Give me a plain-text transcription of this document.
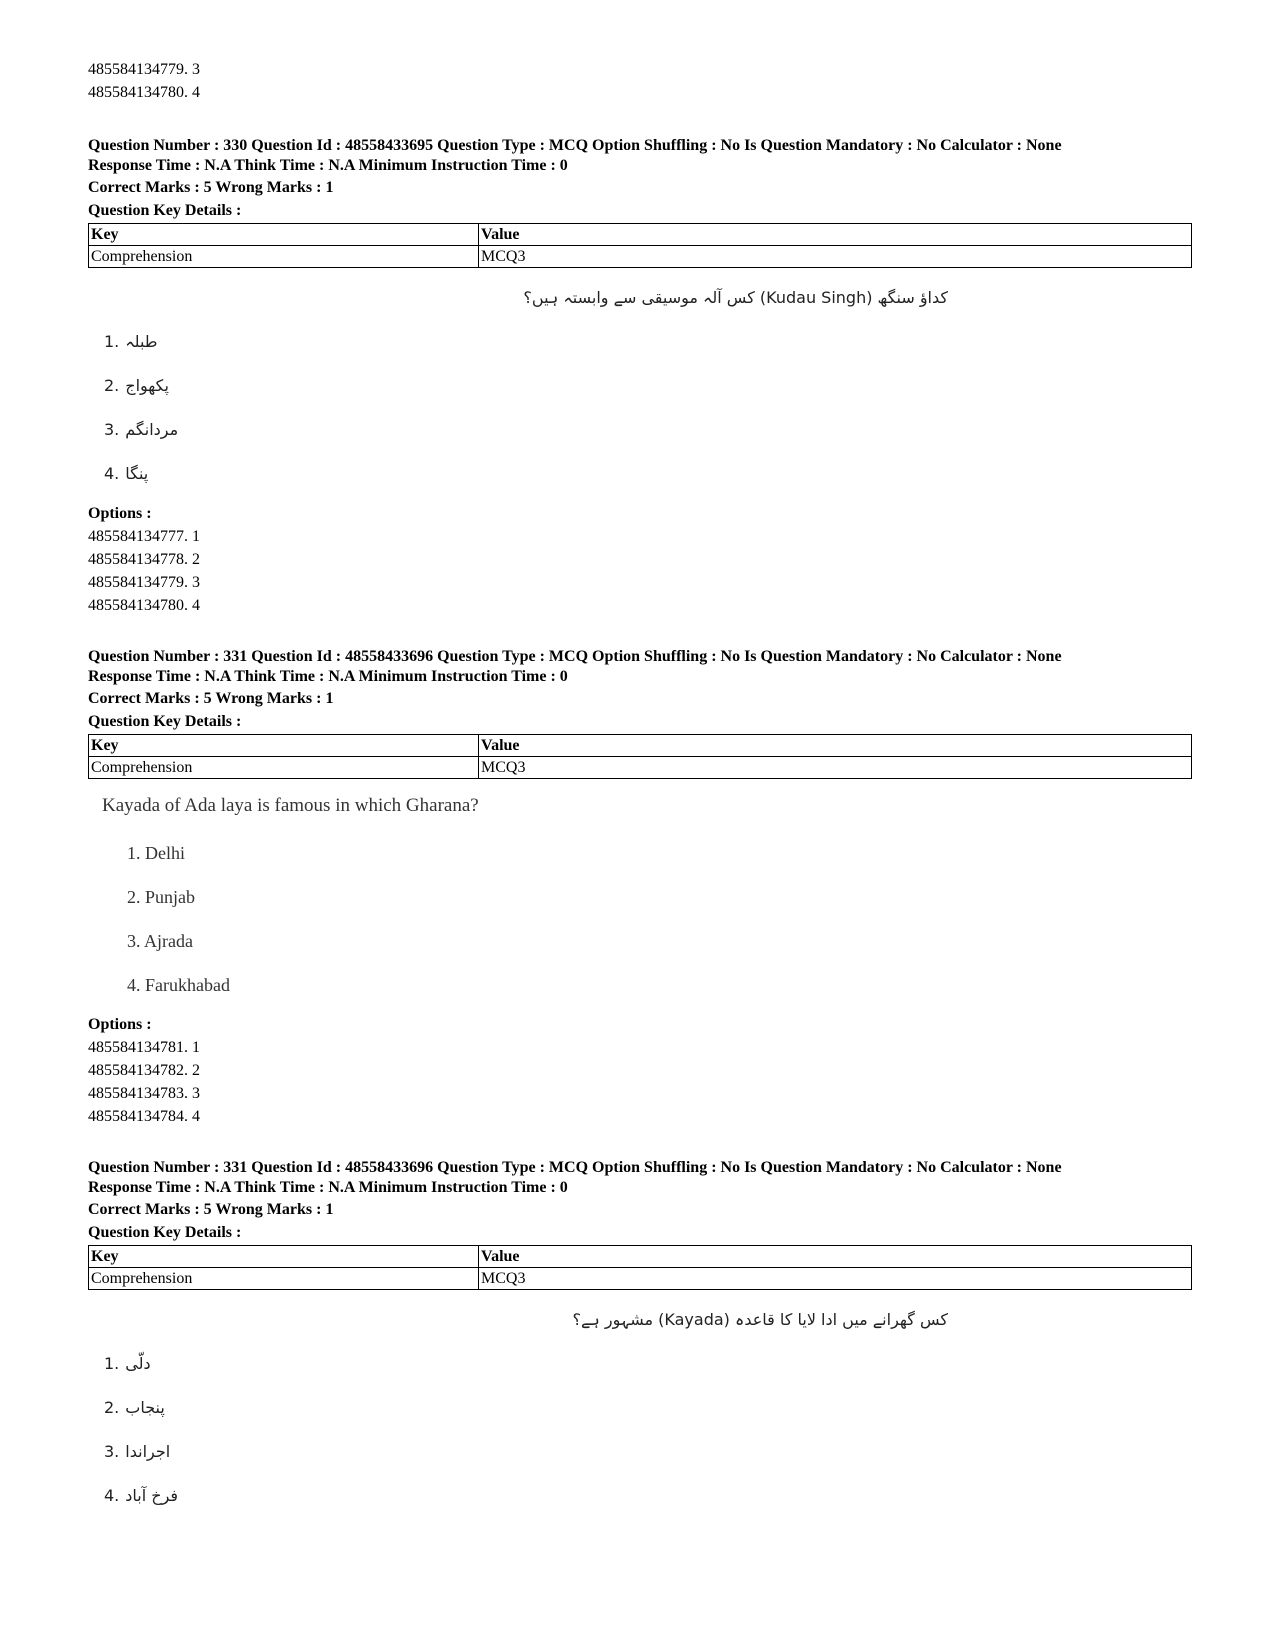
485584134779. 3
485584134780. 4
Question Number : 330 Question Id : 48558433695 Question Type : MCQ Option Shuffling : No Is Question Mandatory : No Calculator : None
Response Time : N.A Think Time : N.A Minimum Instruction Time : 0
Correct Marks : 5 Wrong Marks : 1
Question Key Details :
Key	Value
Comprehension	MCQ3
کداؤ سنگھ (Kudau Singh) کس آلہ موسیقی سے وابستہ ہیں؟
1. طبلہ
2. پکھواج
3. مردانگم
4. پنگا
Options :
485584134777. 1
485584134778. 2
485584134779. 3
485584134780. 4
Question Number : 331 Question Id : 48558433696 Question Type : MCQ Option Shuffling : No Is Question Mandatory : No Calculator : None
Response Time : N.A Think Time : N.A Minimum Instruction Time : 0
Correct Marks : 5 Wrong Marks : 1
Question Key Details :
Key	Value
Comprehension	MCQ3
Kayada of Ada laya is famous in which Gharana?
1. Delhi
2. Punjab
3. Ajrada
4. Farukhabad
Options :
485584134781. 1
485584134782. 2
485584134783. 3
485584134784. 4
Question Number : 331 Question Id : 48558433696 Question Type : MCQ Option Shuffling : No Is Question Mandatory : No Calculator : None
Response Time : N.A Think Time : N.A Minimum Instruction Time : 0
Correct Marks : 5 Wrong Marks : 1
Question Key Details :
Key	Value
Comprehension	MCQ3
کس گھرانے میں ادا لایا کا قاعدہ (Kayada) مشہور ہے؟
1. دلّی
2. پنجاب
3. اجراندا
4. فرخ آباد
